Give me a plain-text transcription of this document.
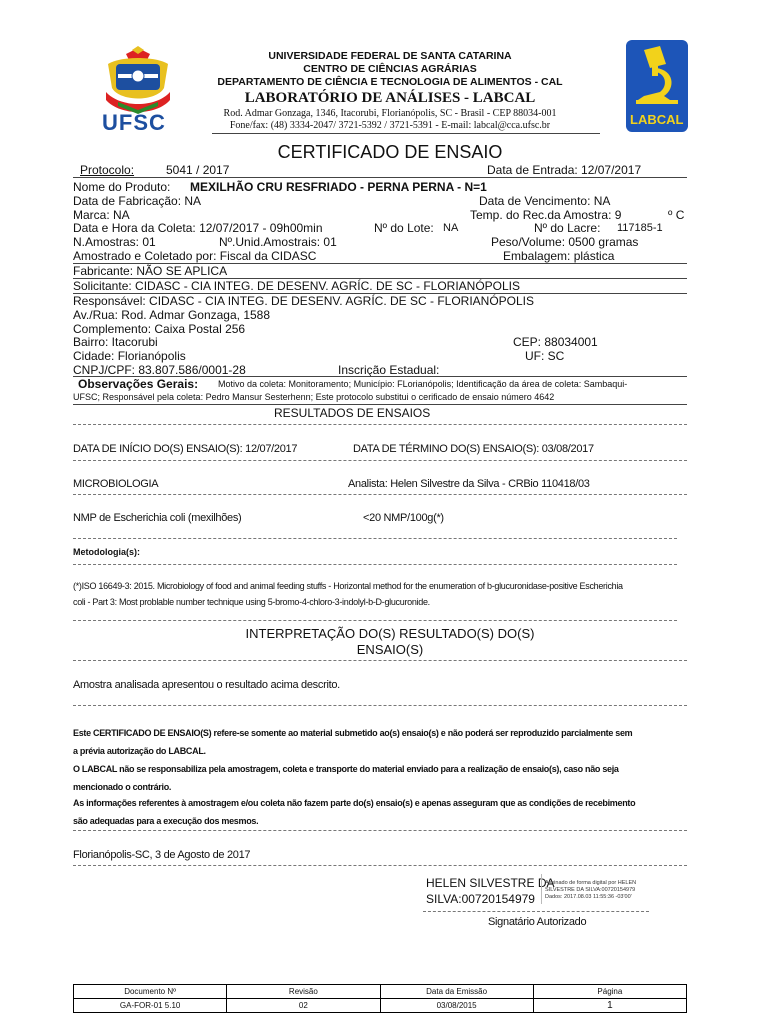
UFSC	LABCAL
UNIVERSIDADE FEDERAL DE SANTA CATARINA
CENTRO DE CIÊNCIAS AGRÁRIAS
DEPARTAMENTO DE CIÊNCIA E TECNOLOGIA DE ALIMENTOS - CAL
LABORATÓRIO DE ANÁLISES - LABCAL
Rod. Admar Gonzaga, 1346, Itacorubi, Florianópolis, SC - Brasil - CEP 88034-001
Fone/fax: (48) 3334-2047/ 3721-5392 / 3721-5391 - E-mail: labcal@cca.ufsc.br
CERTIFICADO DE ENSAIO
Protocolo:	5041 / 2017	Data de Entrada: 12/07/2017
Nome do Produto: MEXILHÃO CRU RESFRIADO - PERNA PERNA - N=1
Data de Fabricação: NA	Data de Vencimento: NA
Marca: NA	Temp. do Rec.da Amostra: 9	º C
Data e Hora da Coleta: 12/07/2017 - 09h00min	Nº do Lote: NA	Nº do Lacre: 117185-1
N.Amostras: 01	Nº.Unid.Amostrais: 01	Peso/Volume: 0500 gramas
Amostrado e Coletado por: Fiscal da CIDASC	Embalagem: plástica
Fabricante: NÃO SE APLICA
Solicitante: CIDASC - CIA INTEG. DE DESENV. AGRÍC. DE SC - FLORIANÓPOLIS
Responsável: CIDASC - CIA INTEG. DE DESENV. AGRÍC. DE SC - FLORIANÓPOLIS
Av./Rua: Rod. Admar Gonzaga, 1588
Complemento: Caixa Postal 256
Bairro: Itacorubi	CEP: 88034001
Cidade: Florianópolis	UF: SC
CNPJ/CPF: 83.807.586/0001-28	Inscrição Estadual:
Observações Gerais: Motivo da coleta: Monitoramento; Município: FLorianópolis; Identificação da área de coleta: Sambaqui-
UFSC; Responsável pela coleta: Pedro Mansur Sesterhenn; Este protocolo substitui o cerificado de ensaio número 4642
RESULTADOS DE ENSAIOS
DATA DE INÍCIO DO(S) ENSAIO(S): 12/07/2017	DATA DE TÉRMINO DO(S) ENSAIO(S): 03/08/2017
MICROBIOLOGIA	Analista: Helen Silvestre da Silva - CRBio 110418/03
NMP de Escherichia coli (mexilhões)	<20 NMP/100g(*)
Metodologia(s):
(*)ISO 16649-3: 2015. Microbiology of food and animal feeding stuffs - Horizontal method for the enumeration of b-glucuronidase-positive Escherichia
coli - Part 3: Most problable number technique using 5-bromo-4-chloro-3-indolyl-b-D-glucuronide.
INTERPRETAÇÃO DO(S) RESULTADO(S) DO(S)
ENSAIO(S)
Amostra analisada apresentou o resultado acima descrito.
Este CERTIFICADO DE ENSAIO(S) refere-se somente ao material submetido ao(s) ensaio(s) e não poderá ser reproduzido parcialmente sem
a prévia autorização do LABCAL.
O LABCAL não se responsabiliza pela amostragem, coleta e transporte do material enviado para a realização de ensaio(s), caso não seja
mencionado o contrário.
As informações referentes à amostragem e/ou coleta não fazem parte do(s) ensaio(s) e apenas asseguram que as condições de recebimento
são adequadas para a execução dos mesmos.
Florianópolis-SC, 3 de Agosto de 2017
HELEN SILVESTRE DA
SILVA:00720154979
Assinado de forma digital por HELEN
SILVESTRE DA SILVA:00720154979
Dados: 2017.08.03 11:55:36 -03'00'
Signatário Autorizado
Documento Nº	Revisão	Data da Emissão	Página
GA-FOR-01 5.10	02	03/08/2015	1
